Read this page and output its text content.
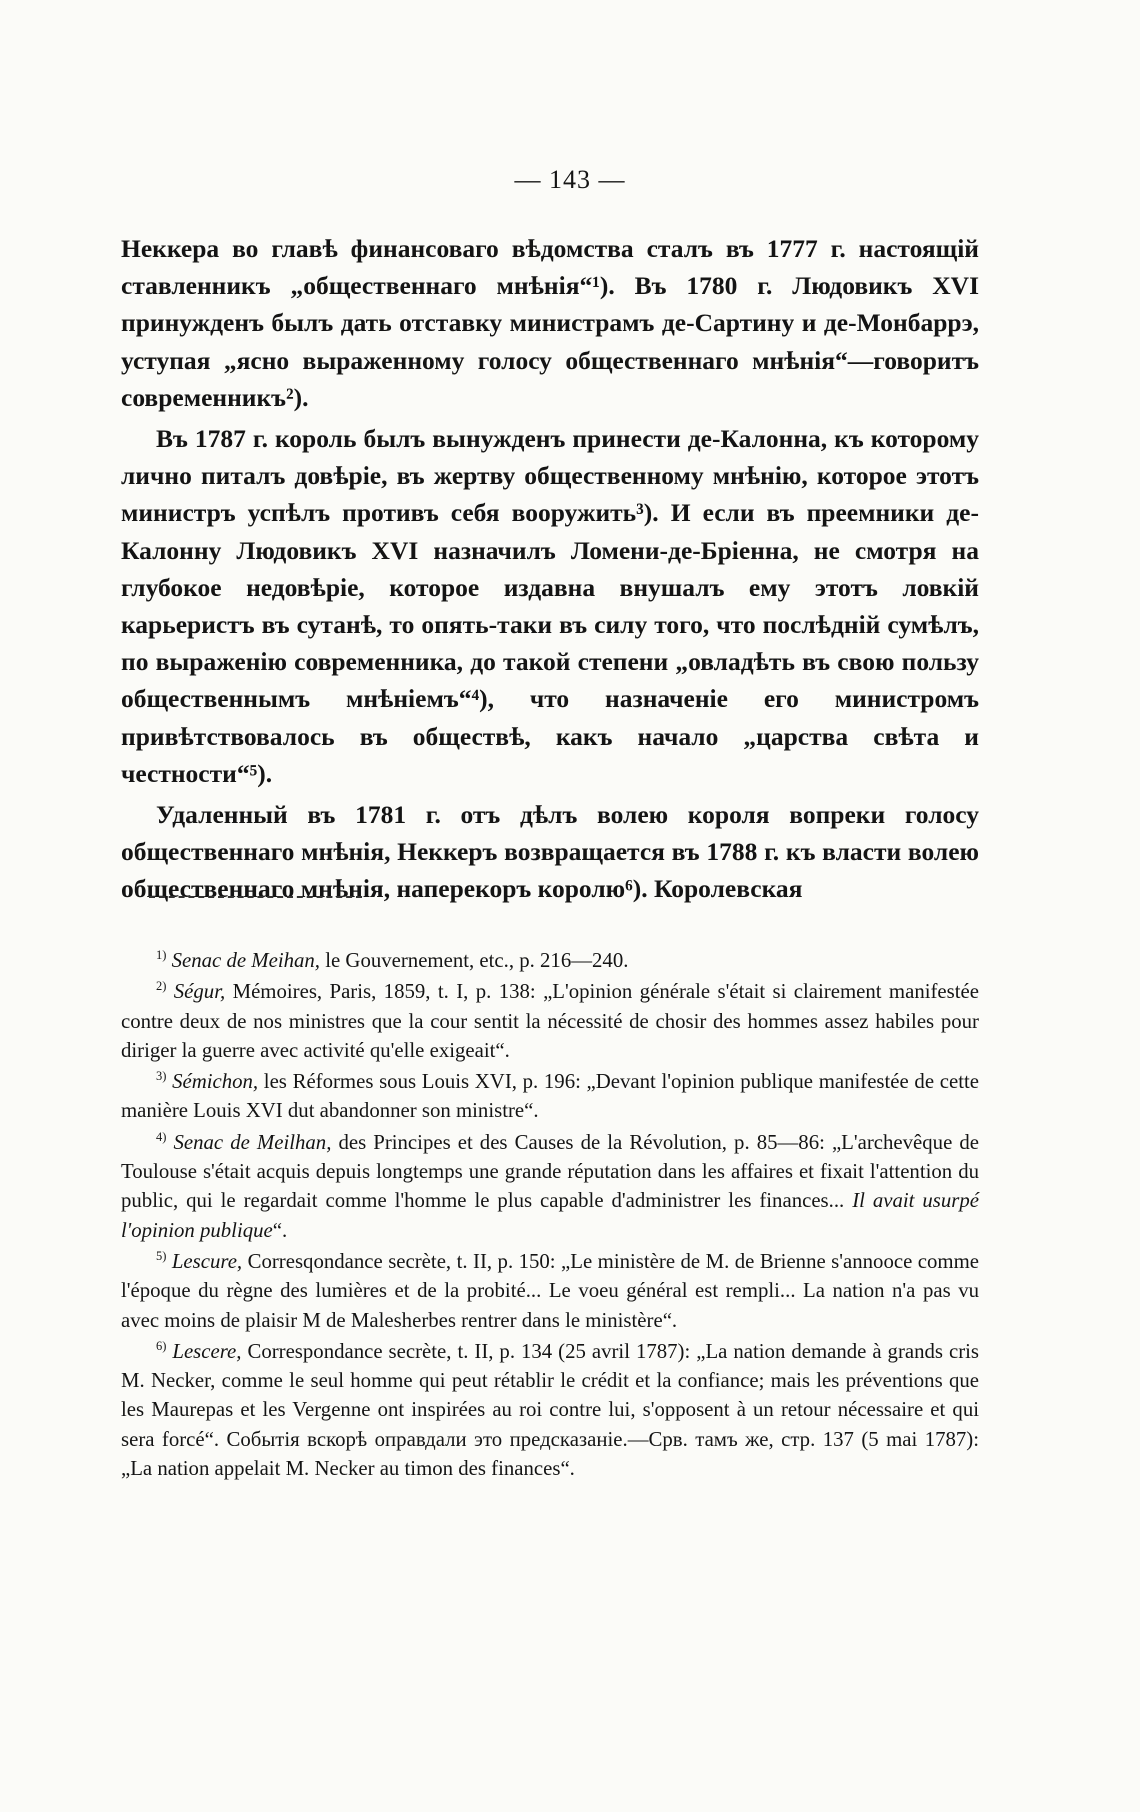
— 143 —

Неккера во главѣ финансоваго вѣдомства сталъ въ 1777 г. настоящій ставленникъ „общественнаго мнѣнія“¹). Въ 1780 г. Людовикъ XVI принужденъ былъ дать отставку министрамъ де-Сартину и де-Монбаррэ, уступая „ясно выраженному голосу общественнаго мнѣнія“—говоритъ современникъ²).

Въ 1787 г. король былъ вынужденъ принести де-Калонна, къ которому лично питалъ довѣріе, въ жертву общественному мнѣнію, которое этотъ министръ успѣлъ противъ себя вооружить³). И если въ преемники де-Калонну Людовикъ XVI назначилъ Ломени-де-Бріенна, не смотря на глубокое недовѣріе, которое издавна внушалъ ему этотъ ловкій карьеристъ въ сутанѣ, то опять-таки въ силу того, что послѣдній сумѣлъ, по выраженію современника, до такой степени „овладѣть въ свою пользу общественнымъ мнѣніемъ“⁴), что назначеніе его министромъ привѣтствовалось въ обществѣ, какъ начало „царства свѣта и честности“⁵).

Удаленный въ 1781 г. отъ дѣлъ волею короля вопреки голосу общественнаго мнѣнія, Неккеръ возвращается въ 1788 г. къ власти волею общественнаго мнѣнія, наперекоръ королю⁶). Королевская

$^{1)}$ Senac de Meihan, le Gouvernement, etc., p. 216—240.

$^{2)}$ Ségur, Mémoires, Paris, 1859, t. I, p. 138: „L'opinion générale s'était si clairement manifestée contre deux de nos ministres que la cour sentit la nécessité de chosir des hommes assez habiles pour diriger la guerre avec activité qu'elle exigeait“.

$^{3)}$ Sémichon, les Réformes sous Louis XVI, p. 196: „Devant l'opinion publique manifestée de cette manière Louis XVI dut abandonner son ministre“.

$^{4)}$ Senac de Meilhan, des Principes et des Causes de la Révolution, p. 85—86: „L'archevêque de Toulouse s'était acquis depuis longtemps une grande réputation dans les affaires et fixait l'attention du public, qui le regardait comme l'homme le plus capable d'administrer les finances... Il avait usurpé l'opinion publique“.

$^{5)}$ Lescure, Corresqondance secrète, t. II, p. 150: „Le ministère de M. de Brienne s'annooce comme l'époque du règne des lumières et de la probité... Le voeu général est rempli... La nation n'a pas vu avec moins de plaisir M de Malesherbes rentrer dans le ministère“.

$^{6)}$ Lescere, Correspondance secrète, t. II, p. 134 (25 avril 1787): „La nation demande à grands cris M. Necker, comme le seul homme qui peut rétablir le crédit et la confiance; mais les préventions que les Maurepas et les Vergenne ont inspirées au roi contre lui, s'opposent à un retour nécessaire et qui sera forcé“. Событія вскорѣ оправдали это предсказаніе.—Срв. тамъ же, стр. 137 (5 mai 1787): „La nation appelait M. Necker au timon des finances“.
